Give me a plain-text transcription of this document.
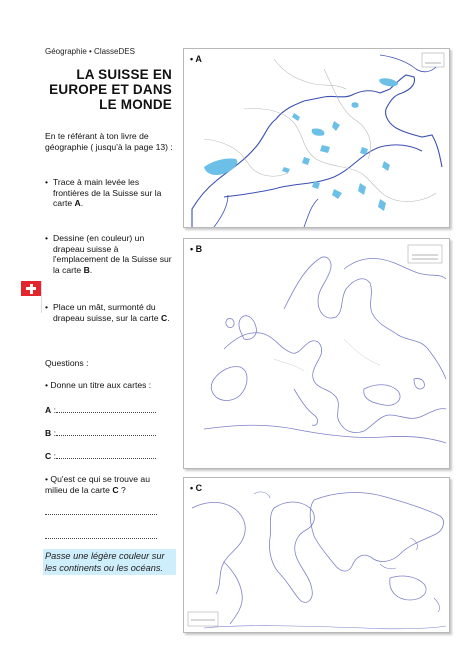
Géographie • ClasseDES
LA SUISSE EN
EUROPE ET DANS
LE MONDE
En te référant à ton livre de géographie ( jusqu'à la page 13) :
• Trace à main levée les frontières de la Suisse sur la carte A.
• Dessine (en couleur) un drapeau suisse à l'emplacement de la Suisse sur la carte B.
• Place un mât, surmonté du drapeau suisse, sur la carte C.
Questions :
• Donne un titre aux cartes :
A :
B :
C :
• Qu'est ce qui se trouve au milieu de la carte C ?
Passe une légère couleur sur les continents ou les océans.
• A
• B
• C
